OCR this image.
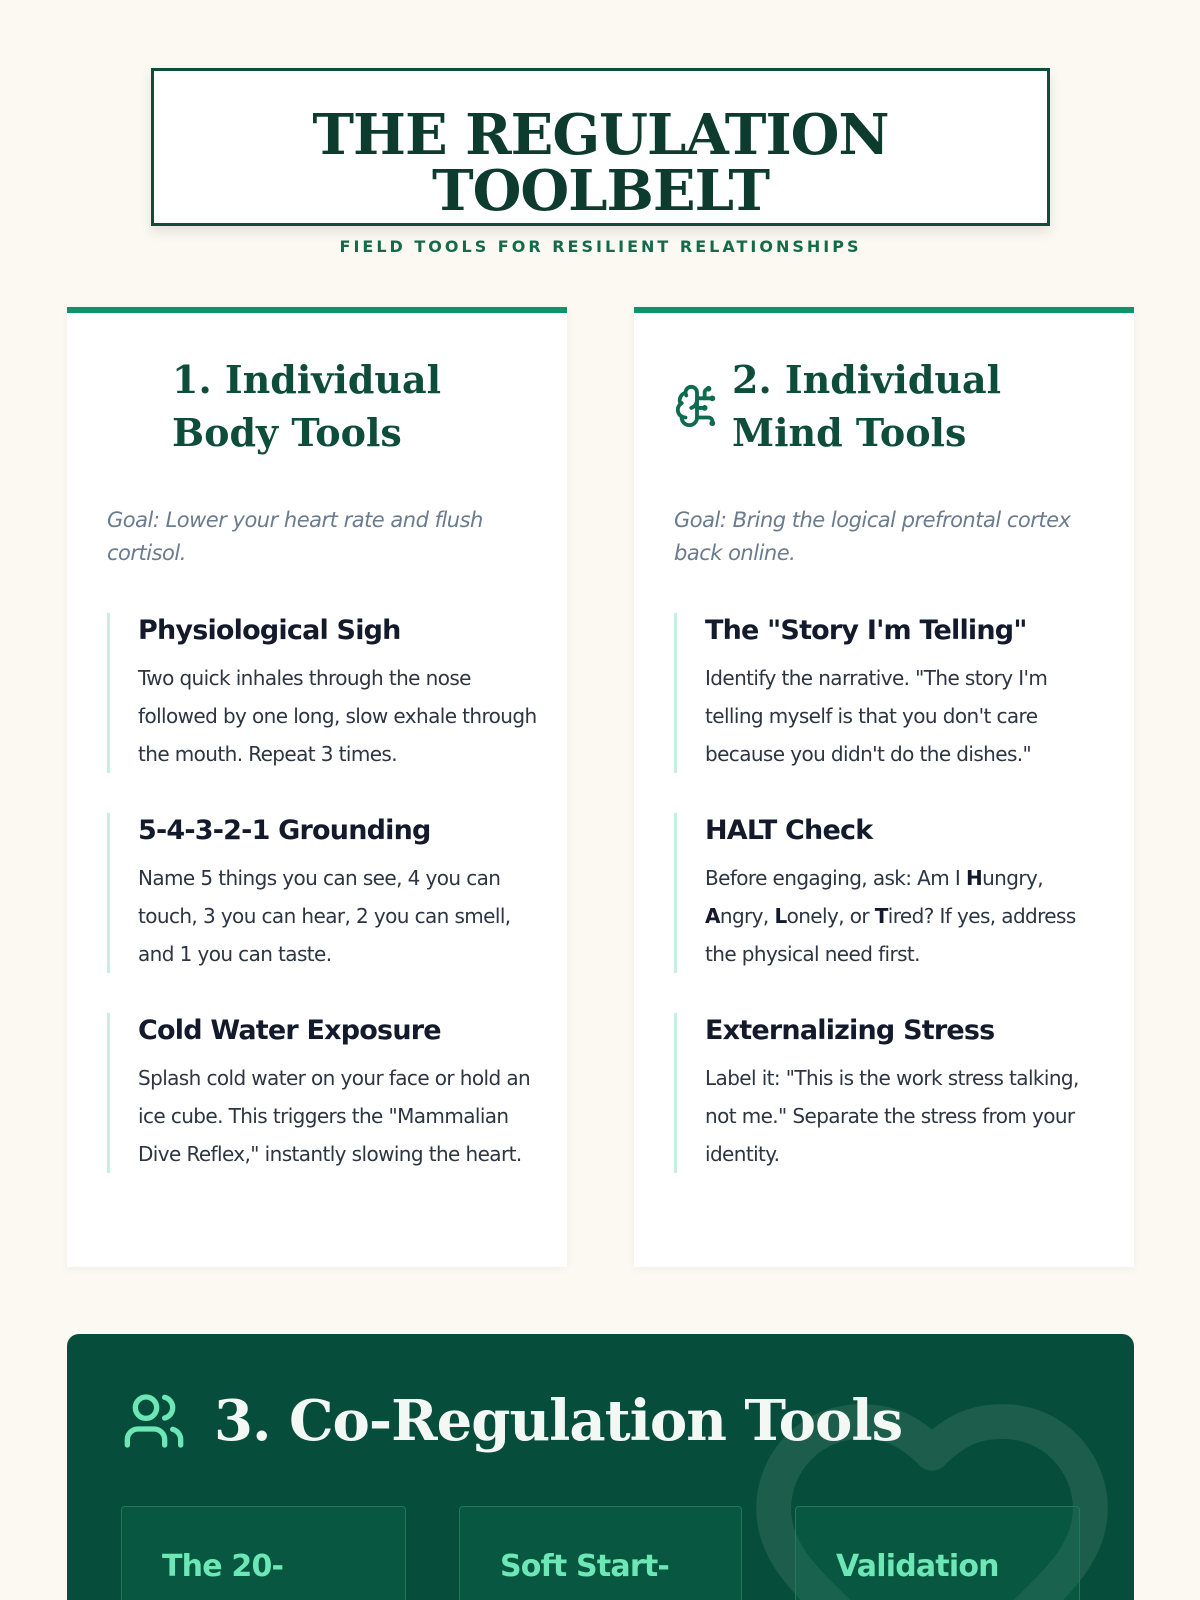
THE REGULATION TOOLBELT
FIELD TOOLS FOR RESILIENT RELATIONSHIPS
1. Individual Body Tools

Goal: Lower your heart rate and flush cortisol.

Physiological Sigh

Two quick inhales through the nose followed by one long, slow exhale through the mouth. Repeat 3 times.

5-4-3-2-1 Grounding

Name 5 things you can see, 4 you can touch, 3 you can hear, 2 you can smell, and 1 you can taste.

Cold Water Exposure

Splash cold water on your face or hold an ice cube. This triggers the "Mammalian Dive Reflex," instantly slowing the heart.

2. Individual Mind Tools

Goal: Bring the logical prefrontal cortex back online.

The "Story I'm Telling"

Identify the narrative. "The story I'm telling myself is that you don't care because you didn't do the dishes."

HALT Check

Before engaging, ask: Am I Hungry, Angry, Lonely, or Tired? If yes, address the physical need first.

Externalizing Stress

Label it: "This is the work stress talking, not me." Separate the stress from your identity.

3. Co-Regulation Tools
The 20-	Soft Start-	Validation
